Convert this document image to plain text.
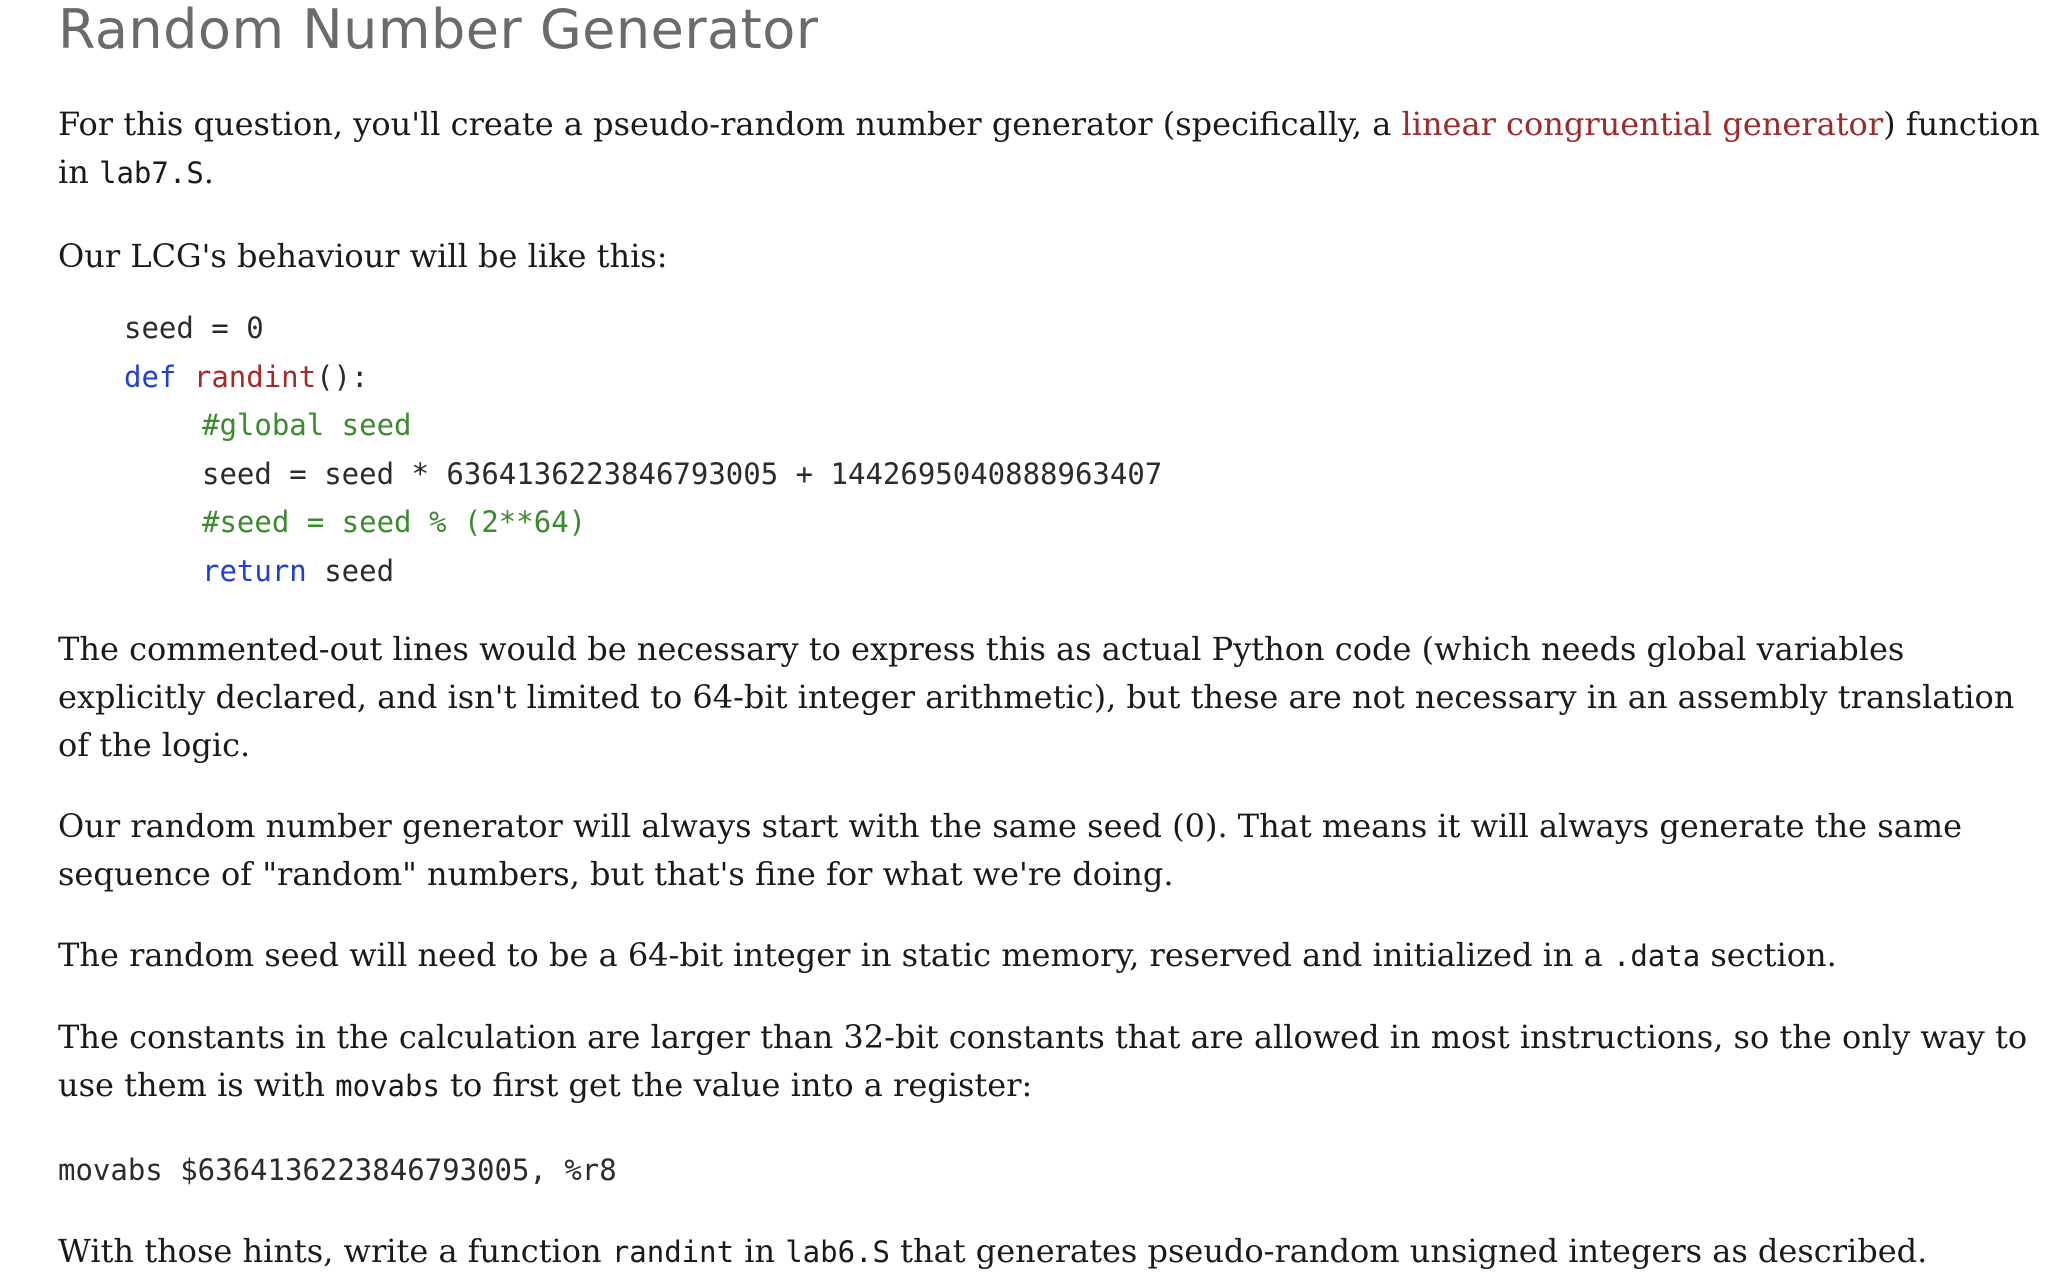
Random Number Generator

For this question, you'll create a pseudo-random number generator (specifically, a linear congruential generator) function in lab7.S.

Our LCG's behaviour will be like this:

seed = 0
def randint():
#global seed
seed = seed * 6364136223846793005 + 1442695040888963407
#seed = seed % (2**64)
return seed

The commented-out lines would be necessary to express this as actual Python code (which needs global variables explicitly declared, and isn't limited to 64-bit integer arithmetic), but these are not necessary in an assembly translation of the logic.

Our random number generator will always start with the same seed (0). That means it will always generate the same sequence of "random" numbers, but that's fine for what we're doing.

The random seed will need to be a 64-bit integer in static memory, reserved and initialized in a .data section.

The constants in the calculation are larger than 32-bit constants that are allowed in most instructions, so the only way to use them is with movabs to first get the value into a register:

movabs $6364136223846793005, %r8

With those hints, write a function randint in lab6.S that generates pseudo-random unsigned integers as described.
